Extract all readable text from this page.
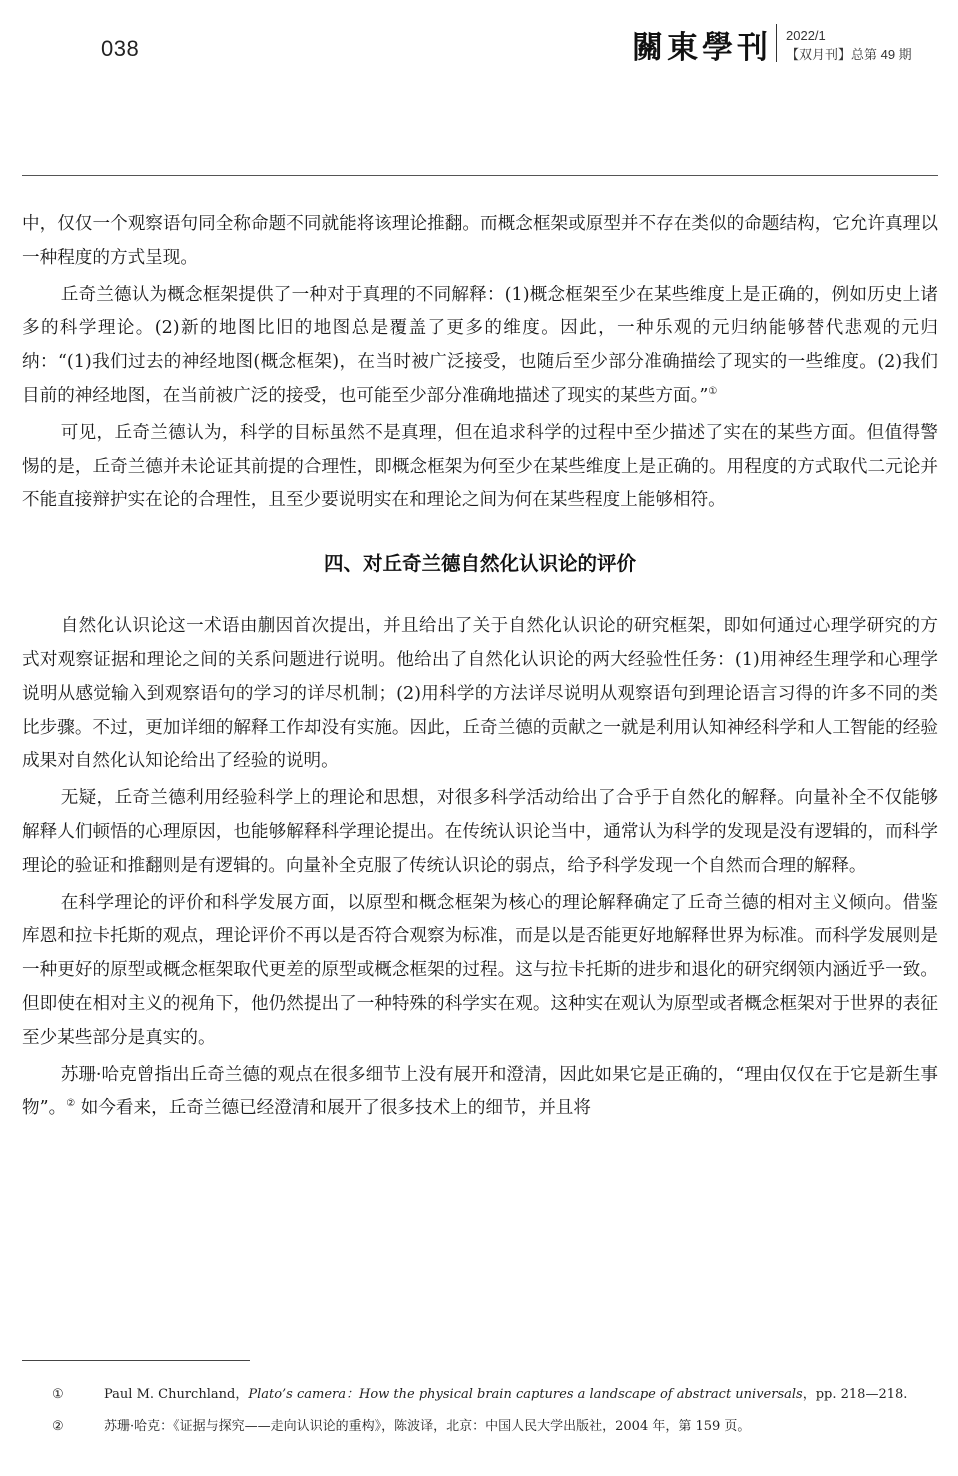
038	關東學刊 2022/1
【双月刊】总第 49 期

中，仅仅一个观察语句同全称命题不同就能将该理论推翻。而概念框架或原型并不存在类似的命题结构，它允许真理以一种程度的方式呈现。

丘奇兰德认为概念框架提供了一种对于真理的不同解释：(1)概念框架至少在某些维度上是正确的，例如历史上诸多的科学理论。(2)新的地图比旧的地图总是覆盖了更多的维度。因此，一种乐观的元归纳能够替代悲观的元归纳：“(1)我们过去的神经地图(概念框架)，在当时被广泛接受，也随后至少部分准确描绘了现实的一些维度。(2)我们目前的神经地图，在当前被广泛的接受，也可能至少部分准确地描述了现实的某些方面。”①

可见，丘奇兰德认为，科学的目标虽然不是真理，但在追求科学的过程中至少描述了实在的某些方面。但值得警惕的是，丘奇兰德并未论证其前提的合理性，即概念框架为何至少在某些维度上是正确的。用程度的方式取代二元论并不能直接辩护实在论的合理性，且至少要说明实在和理论之间为何在某些程度上能够相符。

四、对丘奇兰德自然化认识论的评价

自然化认识论这一术语由蒯因首次提出，并且给出了关于自然化认识论的研究框架，即如何通过心理学研究的方式对观察证据和理论之间的关系问题进行说明。他给出了自然化认识论的两大经验性任务：(1)用神经生理学和心理学说明从感觉输入到观察语句的学习的详尽机制；(2)用科学的方法详尽说明从观察语句到理论语言习得的许多不同的类比步骤。不过，更加详细的解释工作却没有实施。因此，丘奇兰德的贡献之一就是利用认知神经科学和人工智能的经验成果对自然化认知论给出了经验的说明。

无疑，丘奇兰德利用经验科学上的理论和思想，对很多科学活动给出了合乎于自然化的解释。向量补全不仅能够解释人们顿悟的心理原因，也能够解释科学理论提出。在传统认识论当中，通常认为科学的发现是没有逻辑的，而科学理论的验证和推翻则是有逻辑的。向量补全克服了传统认识论的弱点，给予科学发现一个自然而合理的解释。

在科学理论的评价和科学发展方面，以原型和概念框架为核心的理论解释确定了丘奇兰德的相对主义倾向。借鉴库恩和拉卡托斯的观点，理论评价不再以是否符合观察为标准，而是以是否能更好地解释世界为标准。而科学发展则是一种更好的原型或概念框架取代更差的原型或概念框架的过程。这与拉卡托斯的进步和退化的研究纲领内涵近乎一致。但即使在相对主义的视角下，他仍然提出了一种特殊的科学实在观。这种实在观认为原型或者概念框架对于世界的表征至少某些部分是真实的。

苏珊·哈克曾指出丘奇兰德的观点在很多细节上没有展开和澄清，因此如果它是正确的，“理由仅仅在于它是新生事物”。② 如今看来，丘奇兰德已经澄清和展开了很多技术上的细节，并且将

①	Paul M. Churchland，Plato’s camera：How the physical brain captures a landscape of abstract universals，pp. 218—218.

②	苏珊·哈克：《证据与探究——走向认识论的重构》，陈波译，北京：中国人民大学出版社，2004 年，第 159 页。
